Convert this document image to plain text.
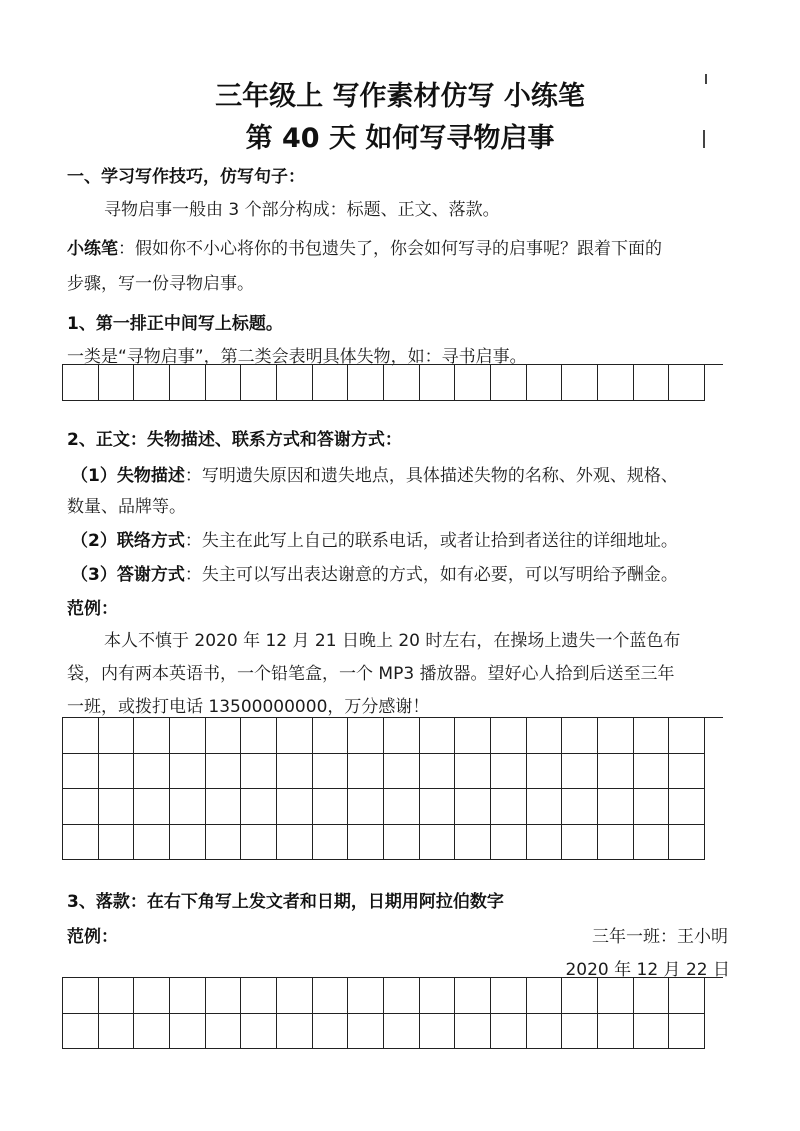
三年级上 写作素材仿写 小练笔
第 40 天 如何写寻物启事
一、学习写作技巧，仿写句子：
寻物启事一般由 3 个部分构成：标题、正文、落款。
小练笔：假如你不小心将你的书包遗失了，你会如何写寻的启事呢？跟着下面的
步骤，写一份寻物启事。
1、第一排正中间写上标题。
一类是“寻物启事”，第二类会表明具体失物，如：寻书启事。
2、正文：失物描述、联系方式和答谢方式：
（1）失物描述：写明遗失原因和遗失地点，具体描述失物的名称、外观、规格、
数量、品牌等。
（2）联络方式：失主在此写上自己的联系电话，或者让拾到者送往的详细地址。
（3）答谢方式：失主可以写出表达谢意的方式，如有必要，可以写明给予酬金。
范例：
本人不慎于 2020 年 12 月 21 日晚上 20 时左右，在操场上遗失一个蓝色布
袋，内有两本英语书，一个铅笔盒，一个 MP3 播放器。望好心人拾到后送至三年
一班，或拨打电话 13500000000，万分感谢！
3、落款：在右下角写上发文者和日期，日期用阿拉伯数字
范例：	三年一班：王小明
2020 年 12 月 22 日
